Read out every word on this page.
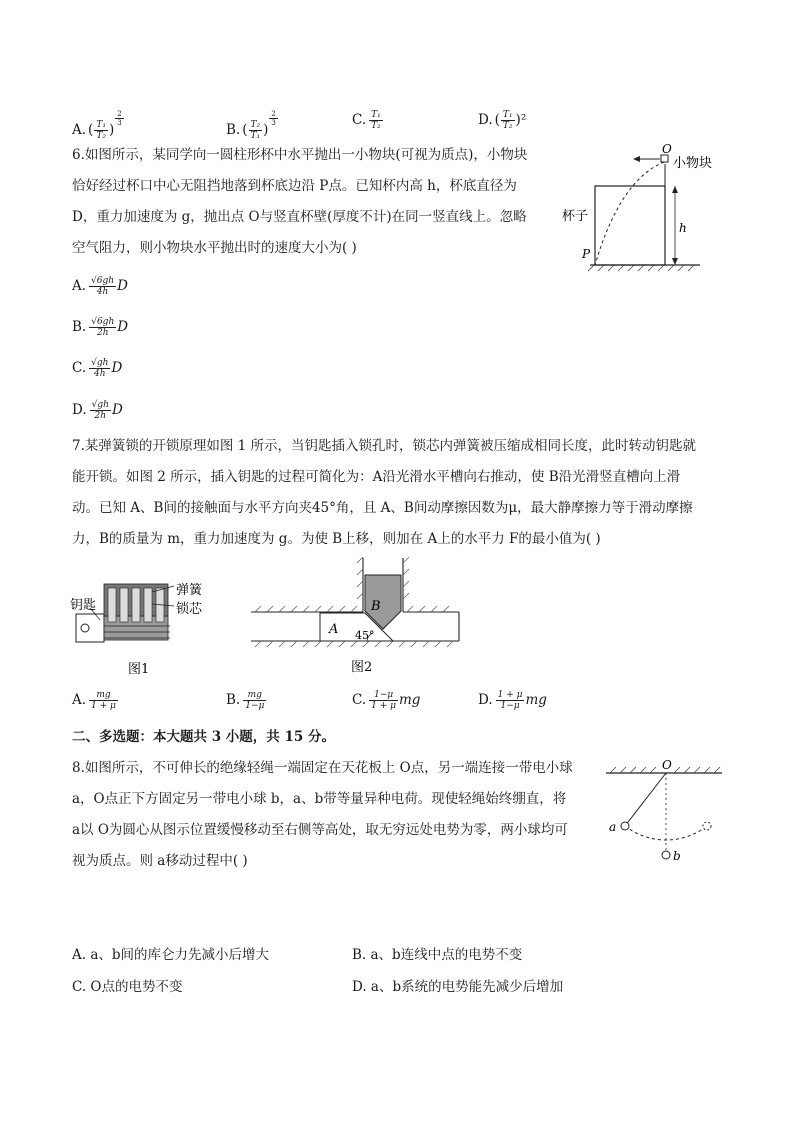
A. ( $\frac{\text{T₁}}{\text{T₂}}$ )
$\frac{2}{3}$
B. ( $\frac{\text{T₂}}{\text{T₁}}$ )
$\frac{2}{3}$	C. $\frac{\text{T₁}}{\text{T₂}}$	D. ( $\frac{\text{T₁}}{\text{T₂}} )^2$
6.如图所示，某同学向一圆柱形杯中水平抛出一小物块(可视为质点)，小物块
恰好经过杯口中心无阻挡地落到杯底边沿 P点。已知杯内高 h，杯底直径为
D，重力加速度为 g，抛出点 O与竖直杯壁(厚度不计)在同一竖直线上。忽略
空气阻力，则小物块水平抛出时的速度大小为( )
A. $\frac{√6gh}{4h}$ D
B. $\frac{√6gh}{2h}$ D
C. $\frac{√gh}{4h}$ D
D. $\frac{√gh}{2h}$ D
O
小物块
杯子
h
P
7.某弹簧锁的开锁原理如图 1 所示，当钥匙插入锁孔时，锁芯内弹簧被压缩成相同长度，此时转动钥匙就
能开锁。如图 2 所示，插入钥匙的过程可简化为：A沿光滑水平槽向右推动，使 B沿光滑竖直槽向上滑
动。已知 A、B间的接触面与水平方向夹45°角，且 A、B间动摩擦因数为μ，最大静摩擦力等于滑动摩擦
力，B的质量为 m，重力加速度为 g。为使 B上移，则加在 A上的水平力 F的最小值为( )
弹簧
锁芯
钥匙
图1
B
A 45°
图2
A. $\frac{mg}{1 + \mu}$	B. $\frac{mg}{1-\mu}$	C. $\frac{1-\mu}{1 + \mu}$ mg	D. $\frac{1 + \mu}{1-\mu}$ mg
二、多选题：本大题共 3 小题，共 15 分。
8.如图所示，不可伸长的绝缘轻绳一端固定在天花板上 O点，另一端连接一带电小球
a，O点正下方固定另一带电小球 b，a、b带等量异种电荷。现使轻绳始终绷直，将
a以 O为圆心从图示位置缓慢移动至右侧等高处，取无穷远处电势为零，两小球均可
视为质点。则 a移动过程中( )
O
a
b
A. a、b间的库仑力先减小后增大	B. a、b连线中点的电势不变
C. O点的电势不变	D. a、b系统的电势能先减少后增加
